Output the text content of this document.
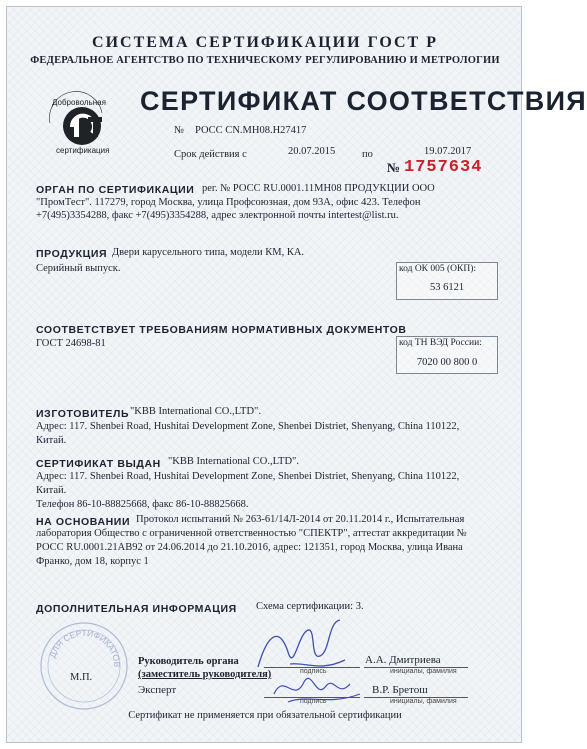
СИСТЕМА СЕРТИФИКАЦИИ ГОСТ Р
ФЕДЕРАЛЬНОЕ АГЕНТСТВО ПО ТЕХНИЧЕСКОМУ РЕГУЛИРОВАНИЮ И МЕТРОЛОГИИ
Добровольная
сертификация
СЕРТИФИКАТ СООТВЕТСТВИЯ
№ РОСС CN.МН08.Н27417
Срок действия с	20.07.2015	по	19.07.2017
№ 1757634
ОРГАН ПО СЕРТИФИКАЦИИ рег. № РОСС RU.0001.11МН08 ПРОДУКЦИИ ООО
"ПромТест". 117279, город Москва, улица Профсоюзная, дом 93А, офис 423. Телефон
+7(495)3354288, факс +7(495)3354288, адрес электронной почты intertest@list.ru.
ПРОДУКЦИЯ Двери карусельного типа, модели КМ, КА.
Серийный выпуск.	код ОК 005 (ОКП):
53 6121
СООТВЕТСТВУЕТ ТРЕБОВАНИЯМ НОРМАТИВНЫХ ДОКУМЕНТОВ
ГОСТ 24698-81	код ТН ВЭД России:
7020 00 800 0
ИЗГОТОВИТЕЛЬ "KBB International CO.,LTD".
Адрес: 117. Shenbei Road, Hushitai Development Zone, Shenbei Distriet, Shenyang, China 110122,
Китай.
СЕРТИФИКАТ ВЫДАН "KBB International CO.,LTD".
Адрес: 117. Shenbei Road, Hushitai Development Zone, Shenbei Distriet, Shenyang, China 110122,
Китай.
Телефон 86-10-88825668, факс 86-10-88825668.
НА ОСНОВАНИИ Протокол испытаний № 263-61/14Л-2014 от 20.11.2014 г., Испытательная
лаборатория Общество с ограниченной ответственностью "СПЕКТР", аттестат аккредитации №
РОСС RU.0001.21АВ92 от 24.06.2014 до 21.10.2016, адрес: 121351, город Москва, улица Ивана
Франко, дом 18, корпус 1
ДОПОЛНИТЕЛЬНАЯ ИНФОРМАЦИЯ Схема сертификации: 3.
ДЛЯ СЕРТИФИКАТОВ
М.П.
Руководитель органа
(заместитель руководителя)	подпись
А.А. Дмитриева
инициалы, фамилия
Эксперт
подпись
В.Р. Бретош
инициалы, фамилия
Сертификат не применяется при обязательной сертификации
